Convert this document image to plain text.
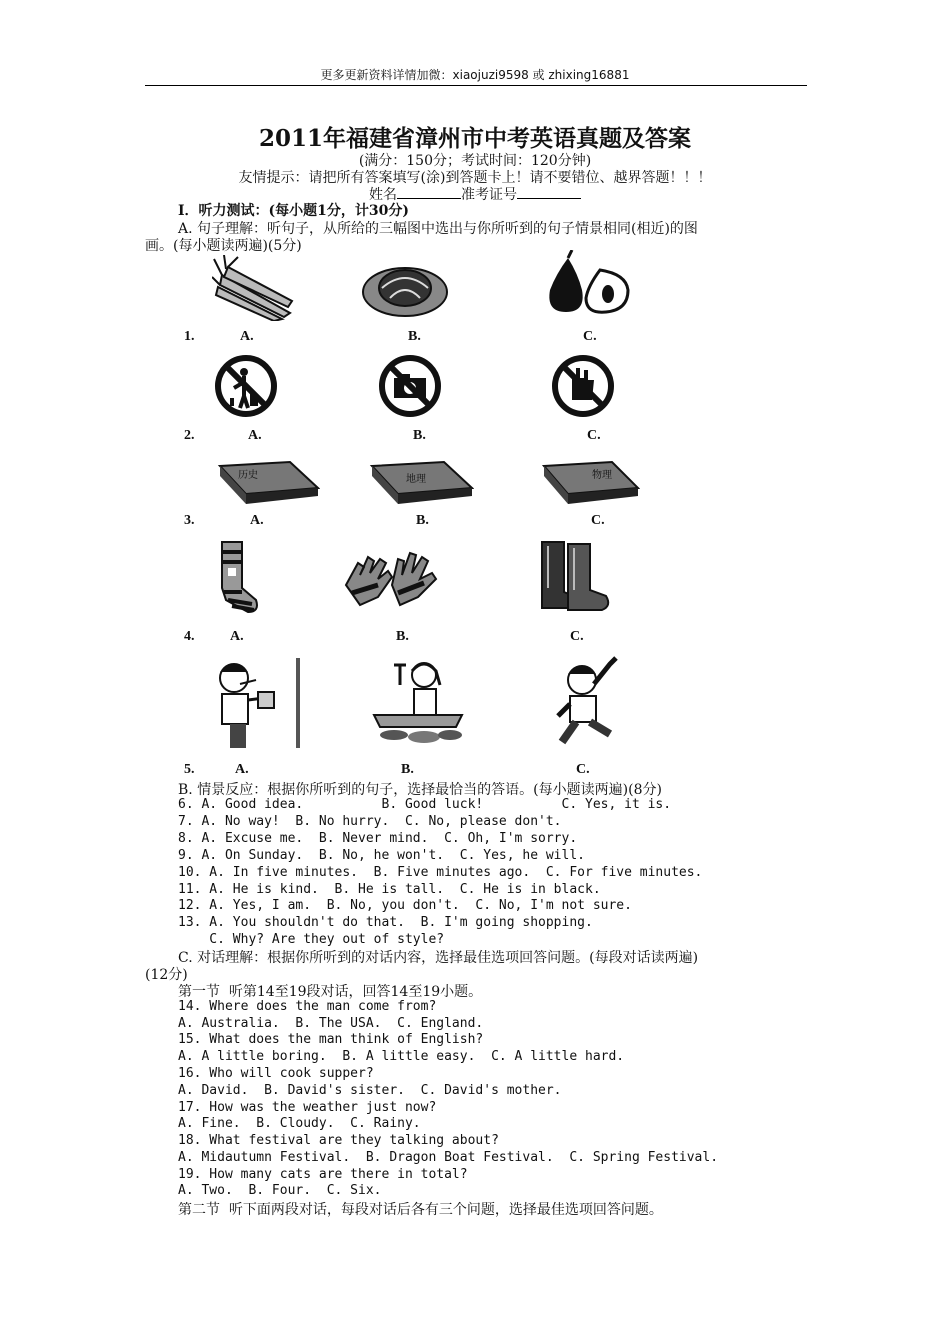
更多更新资料详情加微：xiaojuzi9598 或 zhixing16881
2011年福建省漳州市中考英语真题及答案
(满分：150分；考试时间：120分钟)
友情提示：请把所有答案填写(涂)到答题卡上！请不要错位、越界答题！！！
姓名	准考证号
Ⅰ．听力测试：(每小题1分，计30分)
A. 句子理解：听句子，从所给的三幅图中选出与你所听到的句子情景相同(相近)的图
画。(每小题读两遍)(5分)
1.	A.	B.	C.
2.	A.	B.	C.
历史	地理	物理
3.	A.	B.	C.
4.	A.	B.	C.
5.	A.	B.	C.
B. 情景反应：根据你所听到的句子，选择最恰当的答语。(每小题读两遍)(8分)
6. A. Good idea.          B. Good luck!          C. Yes, it is.
7. A. No way!  B. No hurry.  C. No, please don't.
8. A. Excuse me.  B. Never mind.  C. Oh, I'm sorry.
9. A. On Sunday.  B. No, he won't.  C. Yes, he will.
10. A. In five minutes.  B. Five minutes ago.  C. For five minutes.
11. A. He is kind.  B. He is tall.  C. He is in black.
12. A. Yes, I am.  B. No, you don't.  C. No, I'm not sure.
13. A. You shouldn't do that.  B. I'm going shopping.
C. Why? Are they out of style?
C. 对话理解：根据你所听到的对话内容，选择最佳选项回答问题。(每段对话读两遍)
(12分)
第一节  听第14至19段对话，回答14至19小题。
14. Where does the man come from?
A. Australia.  B. The USA.  C. England.
15. What does the man think of English?
A. A little boring.  B. A little easy.  C. A little hard.
16. Who will cook supper?
A. David.  B. David's sister.  C. David's mother.
17. How was the weather just now?
A. Fine.  B. Cloudy.  C. Rainy.
18. What festival are they talking about?
A. Midautumn Festival.  B. Dragon Boat Festival.  C. Spring Festival.
19. How many cats are there in total?
A. Two.  B. Four.  C. Six.
第二节  听下面两段对话，每段对话后各有三个问题，选择最佳选项回答问题。
